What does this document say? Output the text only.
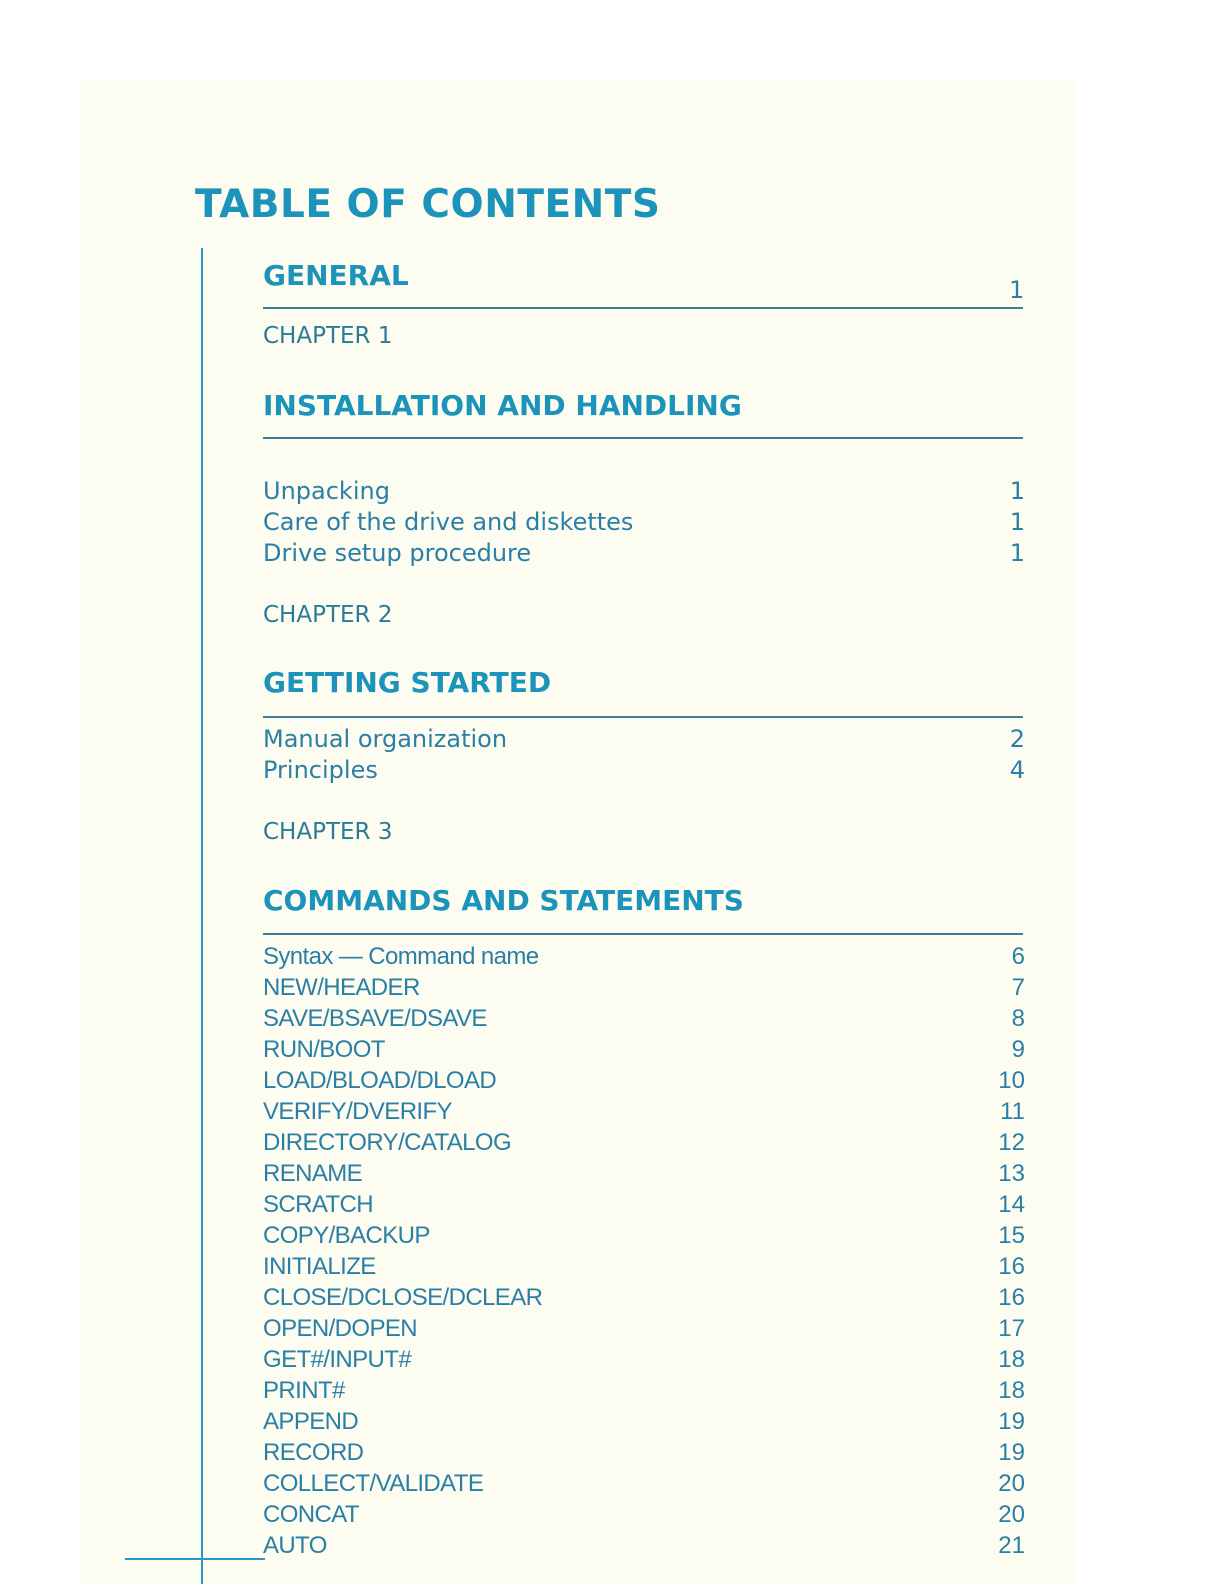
TABLE OF CONTENTS
GENERAL	1
CHAPTER 1
INSTALLATION AND HANDLING
Unpacking	1
Care of the drive and diskettes	1
Drive setup procedure	1
CHAPTER 2
GETTING STARTED
Manual organization	2
Principles	4
CHAPTER 3
COMMANDS AND STATEMENTS
Syntax — Command name	6
NEW/HEADER	7
SAVE/BSAVE/DSAVE	8
RUN/BOOT	9
LOAD/BLOAD/DLOAD	10
VERIFY/DVERIFY	11
DIRECTORY/CATALOG	12
RENAME	13
SCRATCH	14
COPY/BACKUP	15
INITIALIZE	16
CLOSE/DCLOSE/DCLEAR	16
OPEN/DOPEN	17
GET#/INPUT#	18
PRINT#	18
APPEND	19
RECORD	19
COLLECT/VALIDATE	20
CONCAT	20
AUTO	21
